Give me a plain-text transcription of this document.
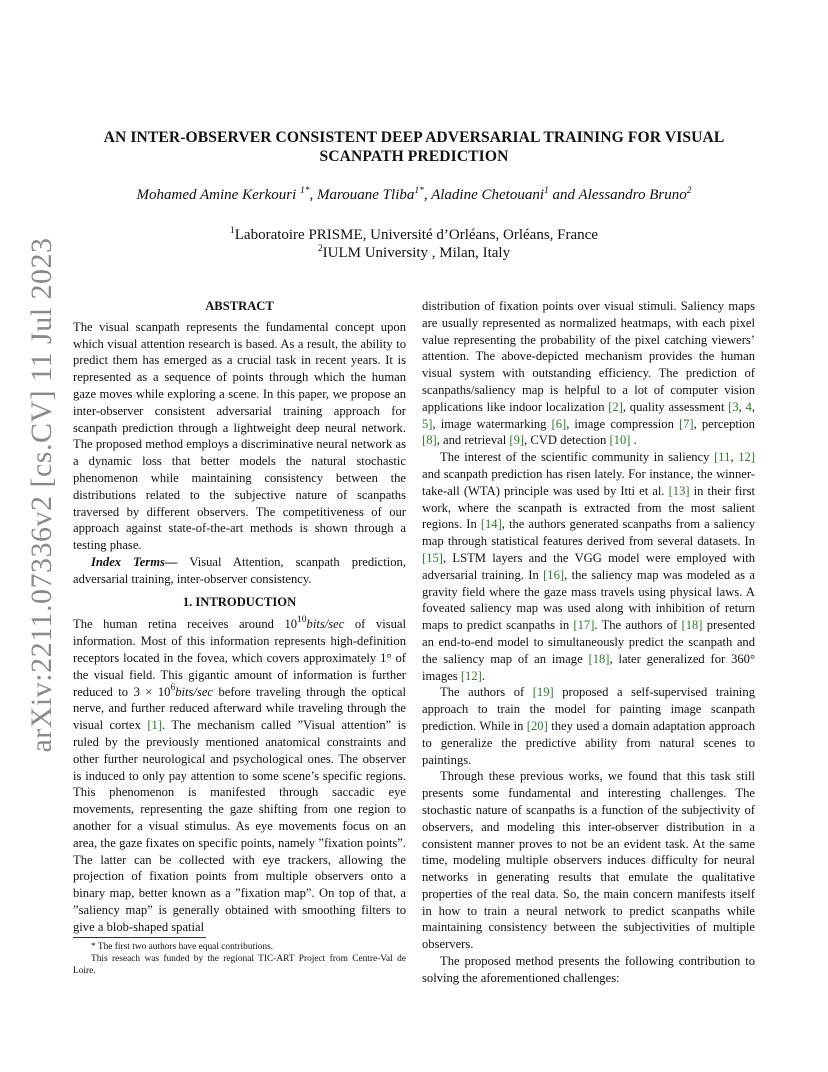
arXiv:2211.07336v2 [cs.CV] 11 Jul 2023
AN INTER-OBSERVER CONSISTENT DEEP ADVERSARIAL TRAINING FOR VISUAL SCANPATH PREDICTION
Mohamed Amine Kerkouri $^{1*}$, Marouane Tliba$^{1*}$, Aladine Chetouani$^1$ and Alessandro Bruno$^2$
$^1$Laboratoire PRISME, Université d’Orléans, Orléans, France
$^2$IULM University , Milan, Italy
ABSTRACT

The visual scanpath represents the fundamental concept upon which visual attention research is based. As a result, the ability to predict them has emerged as a crucial task in recent years. It is represented as a sequence of points through which the human gaze moves while exploring a scene. In this paper, we propose an inter-observer consistent adversarial training approach for scanpath prediction through a lightweight deep neural network. The proposed method employs a discriminative neural network as a dynamic loss that better models the natural stochastic phenomenon while maintaining consistency between the distributions related to the subjective nature of scanpaths traversed by different observers. The competitiveness of our approach against state-of-the-art methods is shown through a testing phase.

Index Terms— Visual Attention, scanpath prediction, adversarial training, inter-observer consistency.

1. INTRODUCTION

The human retina receives around $10^{10}bits/\sec$ of visual information. Most of this information represents high-definition receptors located in the fovea, which covers approximately 1° of the visual field. This gigantic amount of information is further reduced to $3 \times 10^6bits/\sec$ before traveling through the optical nerve, and further reduced afterward while traveling through the visual cortex [1]. The mechanism called ”Visual attention” is ruled by the previously mentioned anatomical constraints and other further neurological and psychological ones. The observer is induced to only pay attention to some scene’s specific regions. This phenomenon is manifested through saccadic eye movements, representing the gaze shifting from one region to another for a visual stimulus. As eye movements focus on an area, the gaze fixates on specific points, namely ”fixation points”. The latter can be collected with eye trackers, allowing the projection of fixation points from multiple observers onto a binary map, better known as a ”fixation map”. On top of that, a ”saliency map” is generally obtained with smoothing filters to give a blob-shaped spatial

distribution of fixation points over visual stimuli. Saliency maps are usually represented as normalized heatmaps, with each pixel value representing the probability of the pixel catching viewers’ attention. The above-depicted mechanism provides the human visual system with outstanding efficiency. The prediction of scanpaths/saliency map is helpful to a lot of computer vision applications like indoor localization [2], quality assessment [3, 4, 5], image watermarking [6], image compression [7], perception [8], and retrieval [9], CVD detection [10] .

The interest of the scientific community in saliency [11, 12] and scanpath prediction has risen lately. For instance, the winner-take-all (WTA) principle was used by Itti et al. [13] in their first work, where the scanpath is extracted from the most salient regions. In [14], the authors generated scanpaths from a saliency map through statistical features derived from several datasets. In [15], LSTM layers and the VGG model were employed with adversarial training. In [16], the saliency map was modeled as a gravity field where the gaze mass travels using physical laws. A foveated saliency map was used along with inhibition of return maps to predict scanpaths in [17]. The authors of [18] presented an end-to-end model to simultaneously predict the scanpath and the saliency map of an image [18], later generalized for 360° images [12].

The authors of [19] proposed a self-supervised training approach to train the model for painting image scanpath prediction. While in [20] they used a domain adaptation approach to generalize the predictive ability from natural scenes to paintings.

Through these previous works, we found that this task still presents some fundamental and interesting challenges. The stochastic nature of scanpaths is a function of the subjectivity of observers, and modeling this inter-observer distribution in a consistent manner proves to not be an evident task. At the same time, modeling multiple observers induces difficulty for neural networks in generating results that emulate the qualitative properties of the real data. So, the main concern manifests itself in how to train a neural network to predict scanpaths while maintaining consistency between the subjectivities of multiple observers.

The proposed method presents the following contribution to solving the aforementioned challenges:

* The first two authors have equal contributions.

This reseach was funded by the regional TIC-ART Project from Centre-Val de Loire.
